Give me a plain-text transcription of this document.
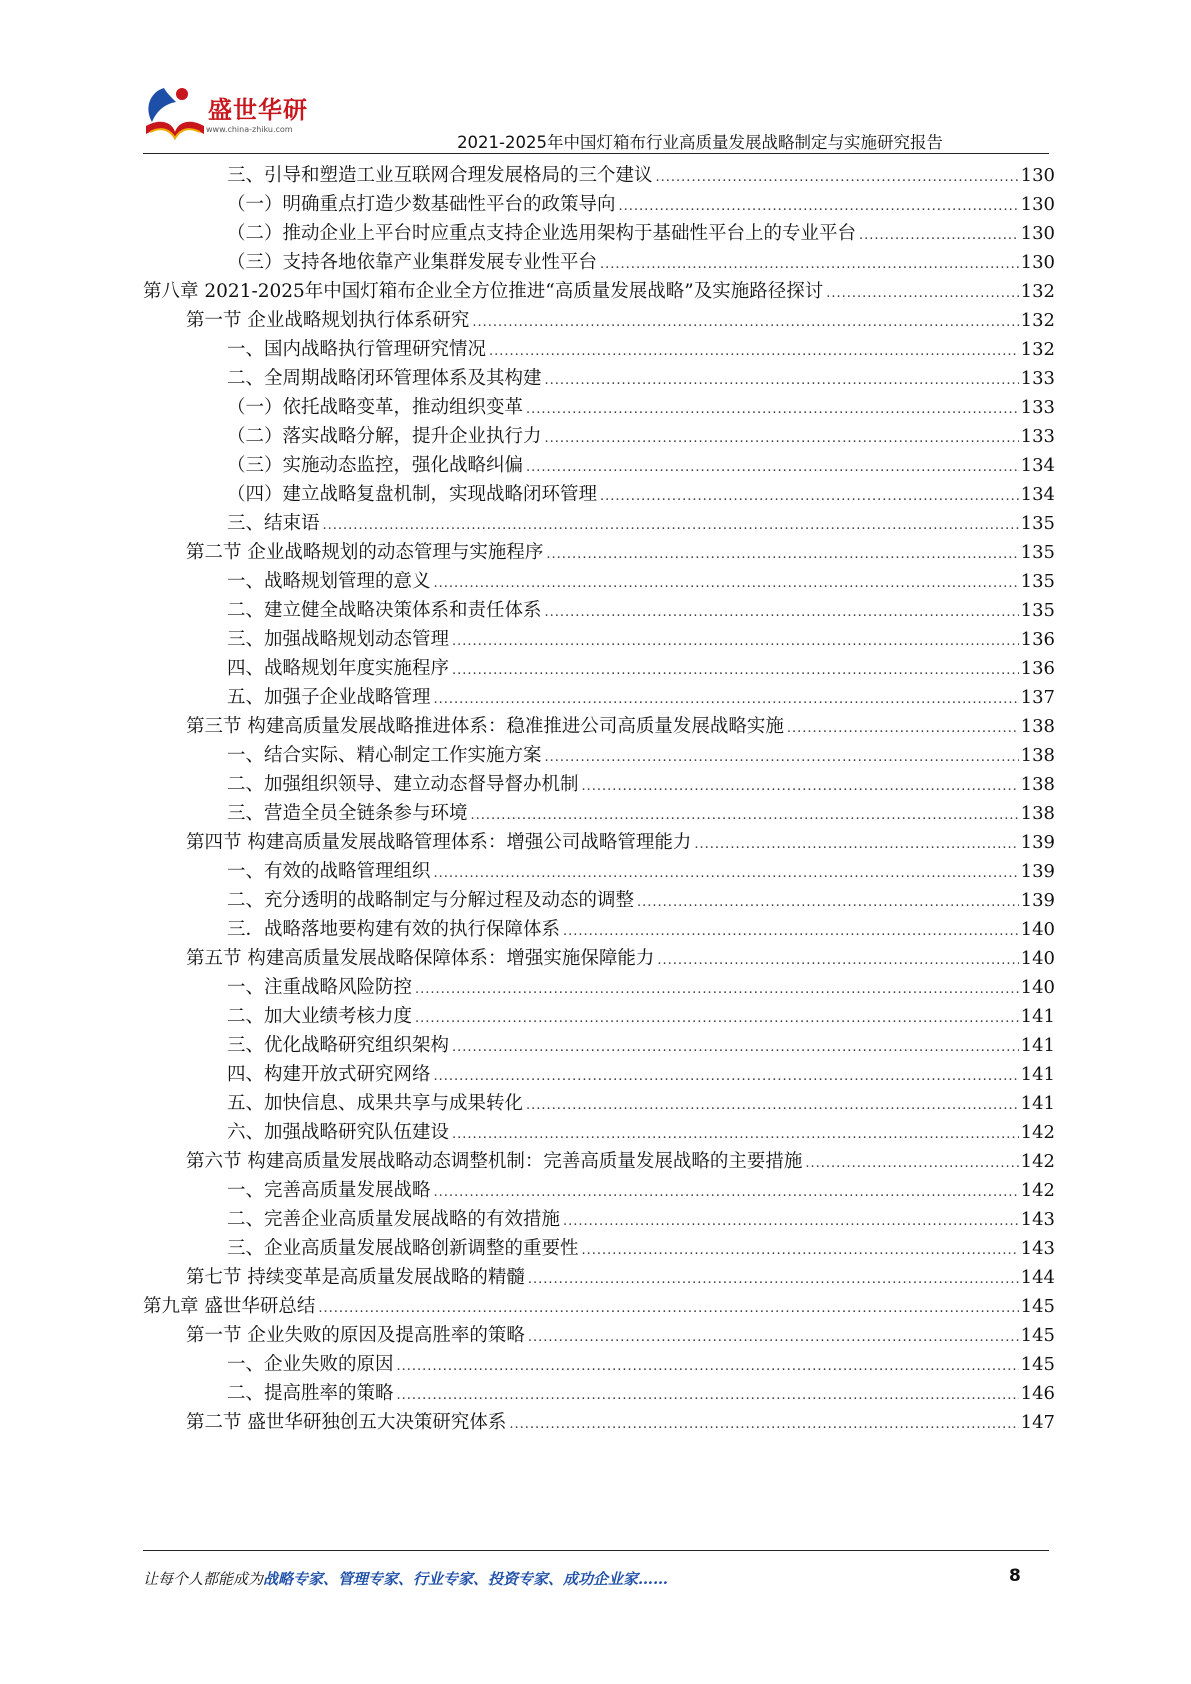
盛世华研
www.china-zhiku.com
2021-2025年中国灯箱布行业高质量发展战略制定与实施研究报告
三、引导和塑造工业互联网合理发展格局的三个建议 .....	130
（一）明确重点打造少数基础性平台的政策导向 .....	130
（二）推动企业上平台时应重点支持企业选用架构于基础性平台上的专业平台 .....	130
（三）支持各地依靠产业集群发展专业性平台 .....	130
第八章 2021-2025年中国灯箱布企业全方位推进“高质量发展战略”及实施路径探讨 .....	132
第一节 企业战略规划执行体系研究 .....	132
一、国内战略执行管理研究情况 .....	132
二、全周期战略闭环管理体系及其构建 .....	133
（一）依托战略变革，推动组织变革 .....	133
（二）落实战略分解，提升企业执行力 .....	133
（三）实施动态监控，强化战略纠偏 .....	134
（四）建立战略复盘机制，实现战略闭环管理 .....	134
三、结束语 .....	135
第二节 企业战略规划的动态管理与实施程序 .....	135
一、战略规划管理的意义 .....	135
二、建立健全战略决策体系和责任体系 .....	135
三、加强战略规划动态管理 .....	136
四、战略规划年度实施程序 .....	136
五、加强子企业战略管理 .....	137
第三节 构建高质量发展战略推进体系：稳准推进公司高质量发展战略实施 .....	138
一、结合实际、精心制定工作实施方案 .....	138
二、加强组织领导、建立动态督导督办机制 .....	138
三、营造全员全链条参与环境 .....	138
第四节 构建高质量发展战略管理体系：增强公司战略管理能力 .....	139
一、有效的战略管理组织 .....	139
二、充分透明的战略制定与分解过程及动态的调整 .....	139
三．战略落地要构建有效的执行保障体系 .....	140
第五节 构建高质量发展战略保障体系：增强实施保障能力 .....	140
一、注重战略风险防控 .....	140
二、加大业绩考核力度 .....	141
三、优化战略研究组织架构 .....	141
四、构建开放式研究网络 .....	141
五、加快信息、成果共享与成果转化 .....	141
六、加强战略研究队伍建设 .....	142
第六节 构建高质量发展战略动态调整机制：完善高质量发展战略的主要措施 .....	142
一、完善高质量发展战略 .....	142
二、完善企业高质量发展战略的有效措施 .....	143
三、企业高质量发展战略创新调整的重要性 .....	143
第七节 持续变革是高质量发展战略的精髓 .....	144
第九章 盛世华研总结 .....	145
第一节 企业失败的原因及提高胜率的策略 .....	145
一、企业失败的原因 .....	145
二、提高胜率的策略 .....	146
第二节 盛世华研独创五大决策研究体系 .....	147
让每个人都能成为战略专家、管理专家、行业专家、投资专家、成功企业家……	8
